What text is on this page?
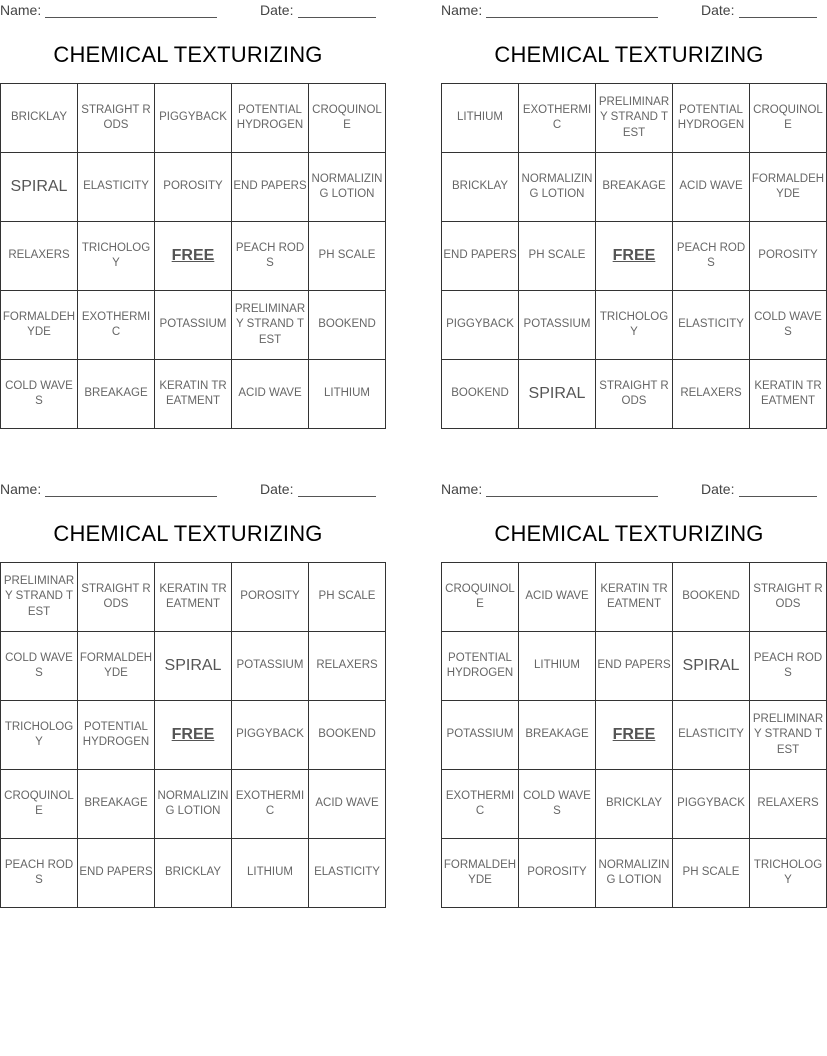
Name:	Date:
CHEMICAL TEXTURIZING
BRICKLAY	STRAIGHT RODS	PIGGYBACK	POTENTIAL HYDROGEN	CROQUINOLE
SPIRAL	ELASTICITY	POROSITY	END PAPERS	NORMALIZING LOTION
RELAXERS	TRICHOLOGY	FREE	PEACH RODS	PH SCALE
FORMALDEHYDE	EXOTHERMIC	POTASSIUM	PRELIMINARY STRAND TEST	BOOKEND
COLD WAVES	BREAKAGE	KERATIN TREATMENT	ACID WAVE	LITHIUM
Name:	Date:
CHEMICAL TEXTURIZING
LITHIUM	EXOTHERMIC	PRELIMINARY STRAND TEST	POTENTIAL HYDROGEN	CROQUINOLE
BRICKLAY	NORMALIZING LOTION	BREAKAGE	ACID WAVE	FORMALDEHYDE
END PAPERS	PH SCALE	FREE	PEACH RODS	POROSITY
PIGGYBACK	POTASSIUM	TRICHOLOGY	ELASTICITY	COLD WAVES
BOOKEND	SPIRAL	STRAIGHT RODS	RELAXERS	KERATIN TREATMENT
Name:	Date:
CHEMICAL TEXTURIZING
PRELIMINARY STRAND TEST	STRAIGHT RODS	KERATIN TREATMENT	POROSITY	PH SCALE
COLD WAVES	FORMALDEHYDE	SPIRAL	POTASSIUM	RELAXERS
TRICHOLOGY	POTENTIAL HYDROGEN	FREE	PIGGYBACK	BOOKEND
CROQUINOLE	BREAKAGE	NORMALIZING LOTION	EXOTHERMIC	ACID WAVE
PEACH RODS	END PAPERS	BRICKLAY	LITHIUM	ELASTICITY
Name:	Date:
CHEMICAL TEXTURIZING
CROQUINOLE	ACID WAVE	KERATIN TREATMENT	BOOKEND	STRAIGHT RODS
POTENTIAL HYDROGEN	LITHIUM	END PAPERS	SPIRAL	PEACH RODS
POTASSIUM	BREAKAGE	FREE	ELASTICITY	PRELIMINARY STRAND TEST
EXOTHERMIC	COLD WAVES	BRICKLAY	PIGGYBACK	RELAXERS
FORMALDEHYDE	POROSITY	NORMALIZING LOTION	PH SCALE	TRICHOLOGY
